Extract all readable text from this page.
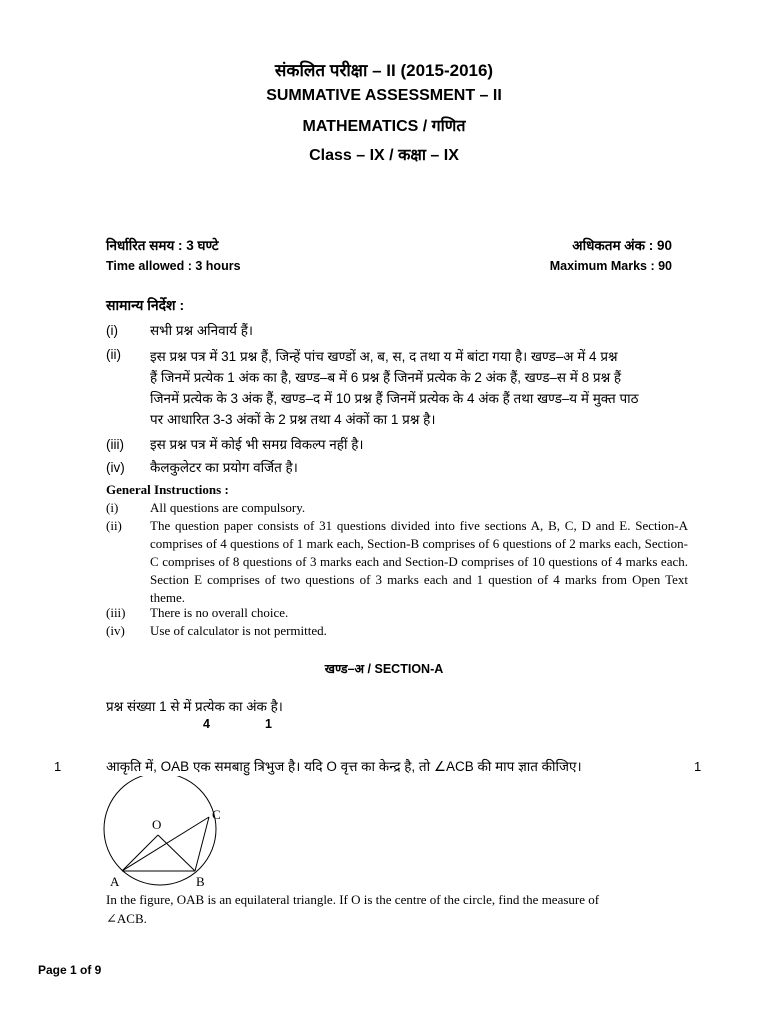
संकलित परीक्षा – II (2015-2016)
SUMMATIVE ASSESSMENT – II
MATHEMATICS / गणित
Class – IX / कक्षा – IX
निर्धारित समय : 3 घण्टे
Time allowed : 3 hours
अधिकतम अंक : 90
Maximum Marks : 90
सामान्य निर्देश :
(i)	सभी प्रश्न अनिवार्य हैं।
(ii)	इस प्रश्न पत्र में 31 प्रश्न हैं, जिन्हें पांच खण्डों अ, ब, स, द तथा य में बांटा गया है। खण्ड–अ में 4 प्रश्न
हैं जिनमें प्रत्येक 1 अंक का है, खण्ड–ब में 6 प्रश्न हैं जिनमें प्रत्येक के 2 अंक हैं, खण्ड–स में 8 प्रश्न हैं
जिनमें प्रत्येक के 3 अंक हैं, खण्ड–द में 10 प्रश्न हैं जिनमें प्रत्येक के 4 अंक हैं तथा खण्ड–य में मुक्त पाठ
पर आधारित 3-3 अंकों के 2 प्रश्न तथा 4 अंकों का 1 प्रश्न है।
(iii)	इस प्रश्न पत्र में कोई भी समग्र विकल्प नहीं है।
(iv)	कैलकुलेटर का प्रयोग वर्जित है।
General Instructions :
(i)	All questions are compulsory.
(ii)	The question paper consists of 31 questions divided into five sections A, B, C, D and E. Section-A comprises of 4 questions of 1 mark each, Section-B comprises of 6 questions of 2 marks each, Section-C comprises of 8 questions of 3 marks each and Section-D comprises of 10 questions of 4 marks each. Section E comprises of two questions of 3 marks each and 1 question of 4 marks from Open Text theme.
(iii)	There is no overall choice.
(iv)	Use of calculator is not permitted.
खण्ड–अ / SECTION-A
प्रश्न संख्या 1 से में प्रत्येक का अंक है।
4	1
1	आकृति में, OAB एक समबाहु त्रिभुज है। यदि O वृत्त का केन्द्र है, तो ∠ACB की माप ज्ञात कीजिए।	1
O
A	B
C
In the figure, OAB is an equilateral triangle. If O is the centre of the circle, find the measure of
∠ACB.
Page 1 of 9
